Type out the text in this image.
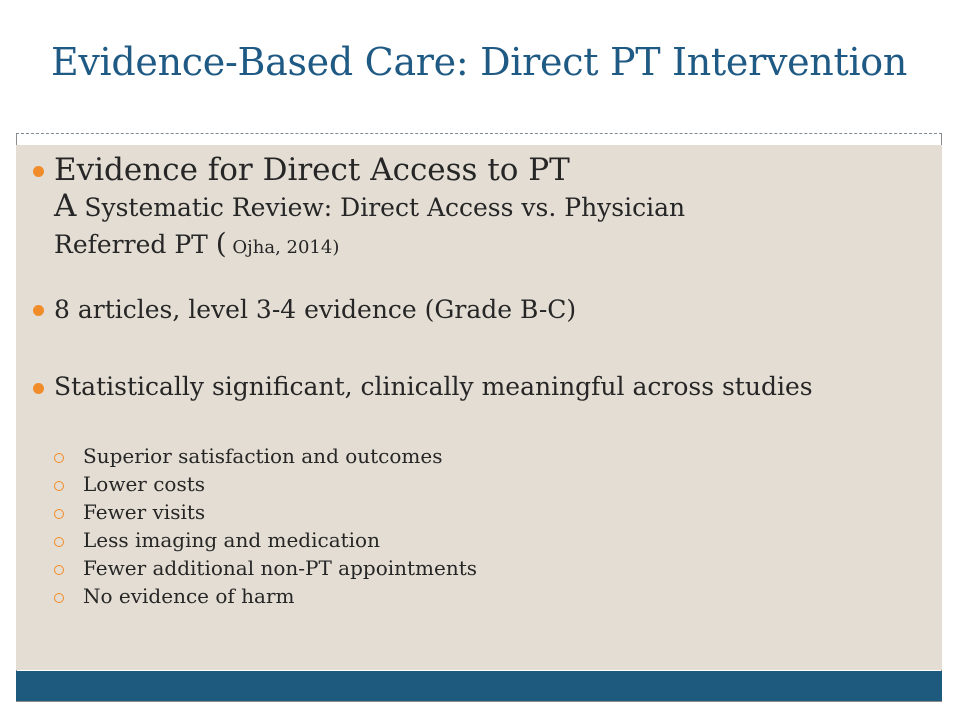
Evidence-Based Care: Direct PT Intervention
Evidence for Direct Access to PT
A Systematic Review: Direct Access vs. Physician
Referred PT ( Ojha, 2014)
8 articles, level 3-4 evidence (Grade B-C)
Statistically significant, clinically meaningful across studies
Superior satisfaction and outcomes
Lower costs
Fewer visits
Less imaging and medication
Fewer additional non-PT appointments
No evidence of harm
